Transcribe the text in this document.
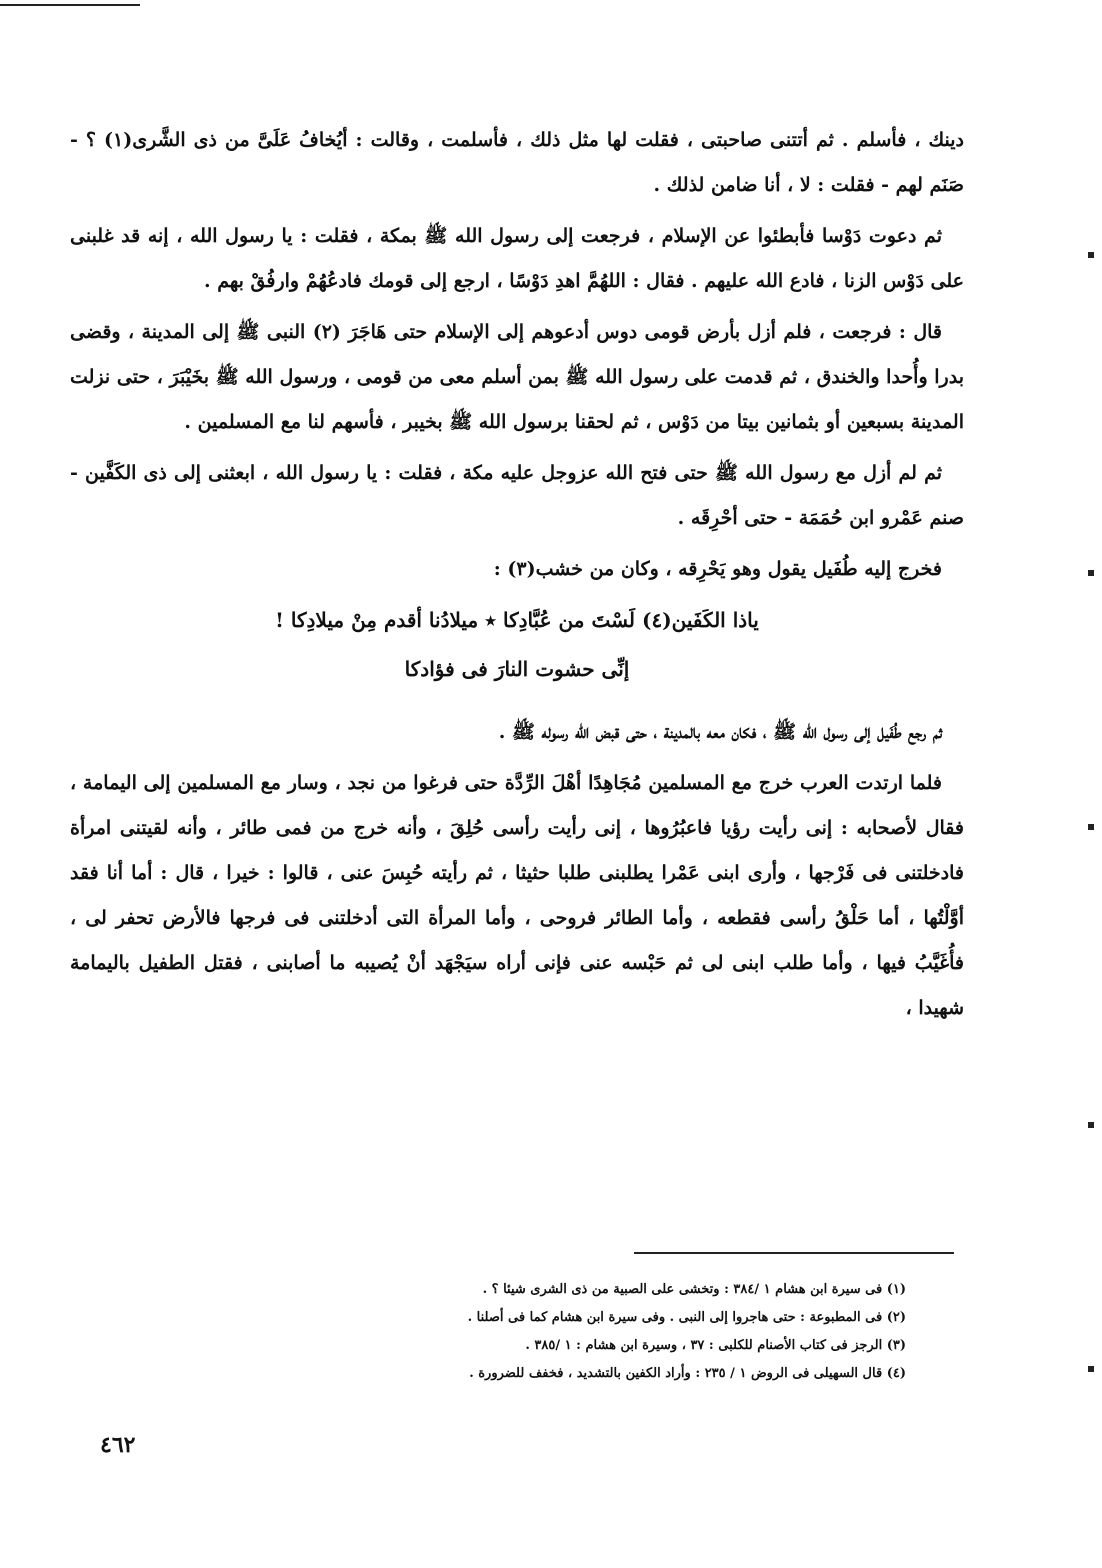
دينك ، فأسلم . ثم أتتنى صاحبتى ، فقلت لها مثل ذلك ، فأسلمت ، وقالت : أيُخافُ عَلَىَّ من ذى الشَّرى(١) ؟ - صَنَم لهم - فقلت : لا ، أنا ضامن لذلك .

ثم دعوت دَوْسا فأبطئوا عن الإسلام ، فرجعت إلى رسول الله ﷺ بمكة ، فقلت : يا رسول الله ، إنه قد غلبنى على دَوْس الزنا ، فادع الله عليهم . فقال : اللهُمَّ اهدِ دَوْسًا ، ارجع إلى قومك فادعُهُمْ وارفُقْ بهم .

قال : فرجعت ، فلم أزل بأرض قومى دوس أدعوهم إلى الإسلام حتى هَاجَرَ (٢) النبى ﷺ إلى المدينة ، وقضى بدرا وأُحدا والخندق ، ثم قدمت على رسول الله ﷺ بمن أسلم معى من قومى ، ورسول الله ﷺ بخَيْبَرَ ، حتى نزلت المدينة بسبعين أو بثمانين بيتا من دَوْس ، ثم لحقنا برسول الله ﷺ بخيبر ، فأسهم لنا مع المسلمين .

ثم لم أزل مع رسول الله ﷺ حتى فتح الله عزوجل عليه مكة ، فقلت : يا رسول الله ، ابعثنى إلى ذى الكَفَّين - صنم عَمْرو ابن حُمَمَة - حتى أحْرِقَه .

فخرج إليه طُفَيل يقول وهو يَحْرِقه ، وكان من خشب(٣) :

ياذا الكَفَين(٤) لَسْتَ من عُبَّادِكا ٭ ميلادُنا أقدم مِنْ ميلادِكا !

إنِّى حشوت النارَ فى فؤادكا

ثم رجع طُفَيل إلى رسول الله ﷺ ، فكان معه بالمدينة ، حتى قبض الله رسوله ﷺ .

فلما ارتدت العرب خرج مع المسلمين مُجَاهِدًا أهْلَ الرِّدَّة حتى فرغوا من نجد ، وسار مع المسلمين إلى اليمامة ، فقال لأصحابه : إنى رأيت رؤيا فاعبُرُوها ، إنى رأيت رأسى حُلِقَ ، وأنه خرج من فمى طائر ، وأنه لقيتنى امرأة فادخلتنى فى فَرْجها ، وأرى ابنى عَمْرا يطلبنى طلبا حثيثا ، ثم رأيته حُبِسَ عنى ، قالوا : خيرا ، قال : أما أنا فقد أوَّلْتُها ، أما حَلْقُ رأسى فقطعه ، وأما الطائر فروحى ، وأما المرأة التى أدخلتنى فى فرجها فالأرض تحفر لى ، فأُغَيَّبُ فيها ، وأما طلب ابنى لى ثم حَبْسه عنى فإنى أراه سيَجْهَد أنْ يُصيبه ما أصابنى ، فقتل الطفيل باليمامة شهيدا ،

(١) فى سيرة ابن هشام ١ /٣٨٤ : وتخشى على الصبية من ذى الشرى شيئا ؟ .

(٢) فى المطبوعة : حتى هاجروا إلى النبى . وفى سيرة ابن هشام كما فى أصلنا .

(٣) الرجز فى كتاب الأصنام للكلبى : ٣٧ ، وسيرة ابن هشام : ١ /٣٨٥ .

(٤) قال السهيلى فى الروض ١ / ٢٣٥ : وأراد الكفين بالتشديد ، فخفف للضرورة .

٤٦٢
